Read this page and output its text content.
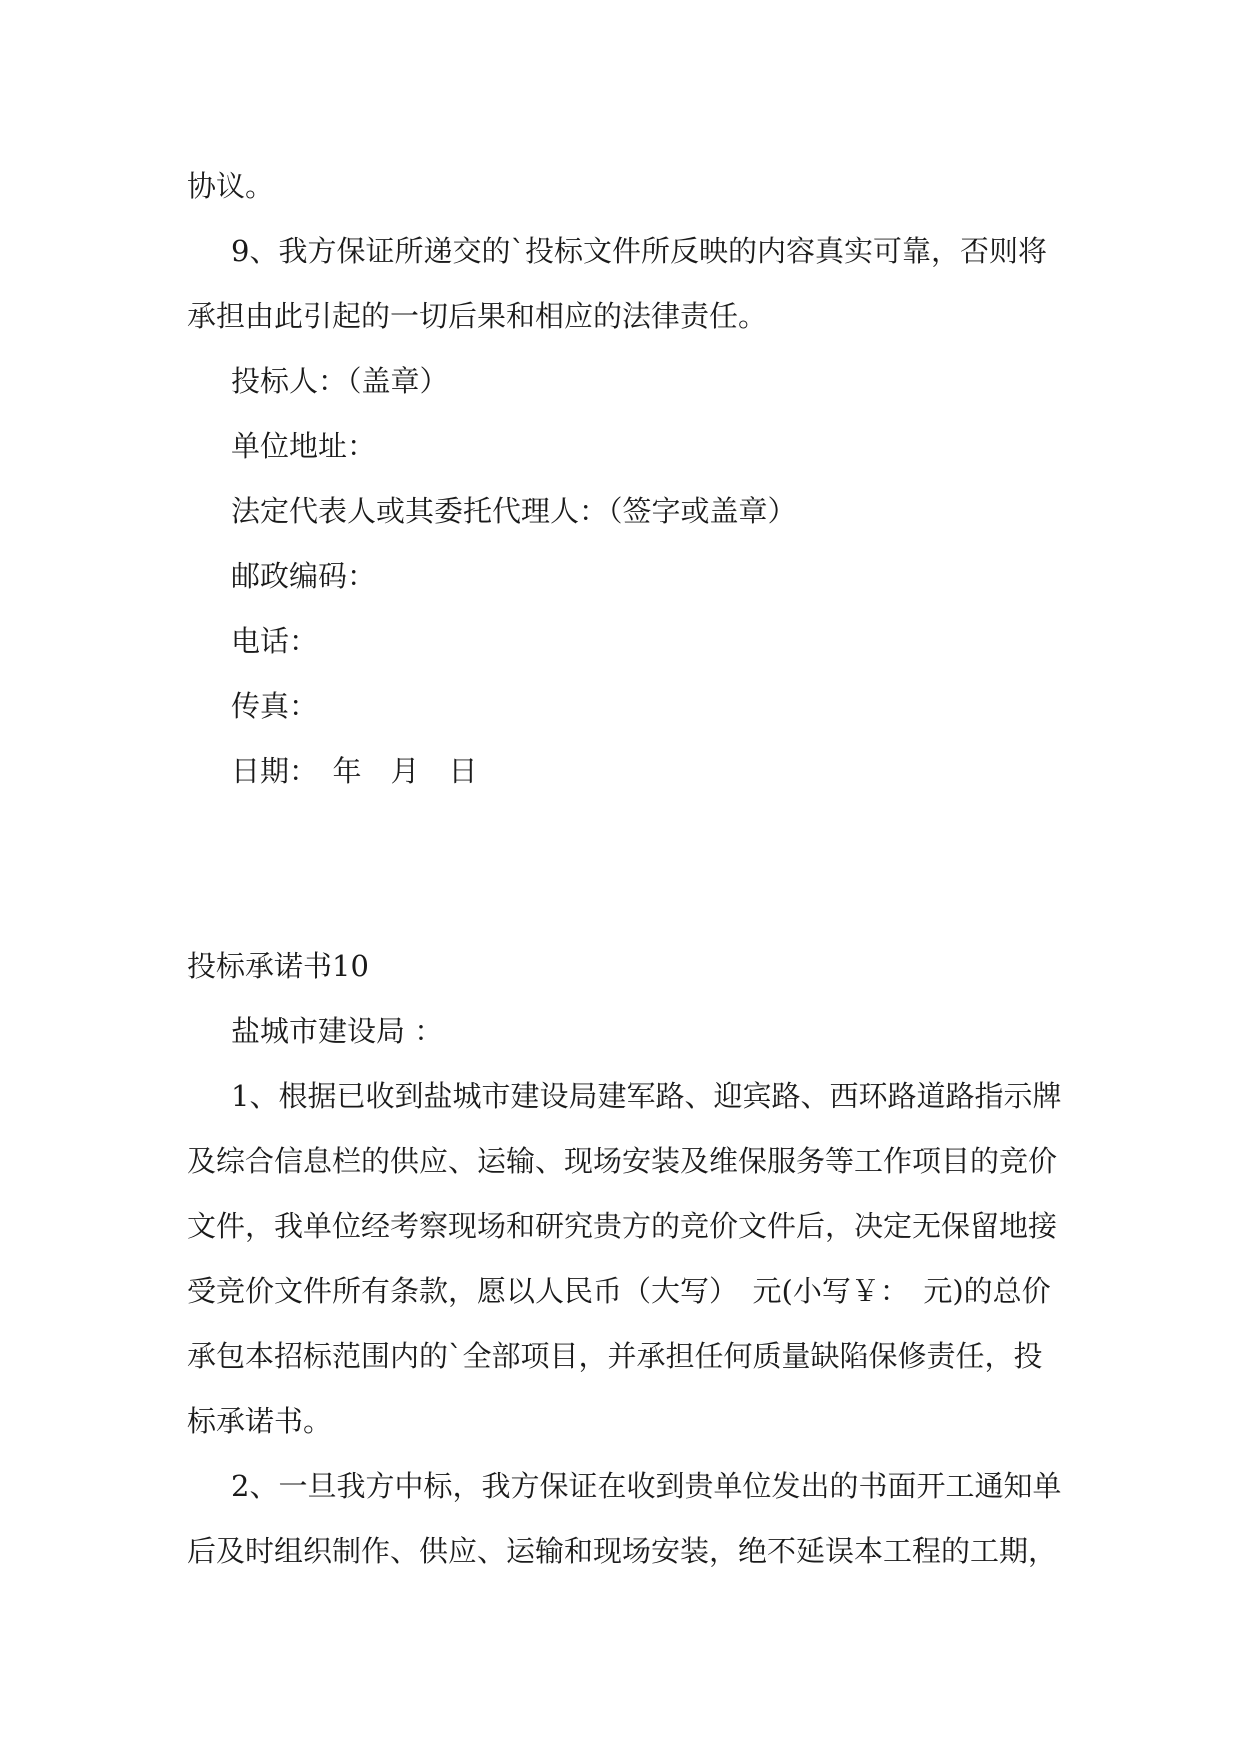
协议。

9、我方保证所递交的`投标文件所反映的内容真实可靠，否则将

承担由此引起的一切后果和相应的法律责任。

投标人：（盖章）

单位地址：

法定代表人或其委托代理人：（签字或盖章）

邮政编码：

电话：

传真：

日期：　年　月　日

投标承诺书10

盐城市建设局 ：

1、根据已收到盐城市建设局建军路、迎宾路、西环路道路指示牌

及综合信息栏的供应、运输、现场安装及维保服务等工作项目的竞价

文件，我单位经考察现场和研究贵方的竞价文件后，决定无保留地接

受竞价文件所有条款，愿以人民币（大写）　元(小写￥：　元)的总价

承包本招标范围内的`全部项目，并承担任何质量缺陷保修责任，投

标承诺书。

2、一旦我方中标，我方保证在收到贵单位发出的书面开工通知单

后及时组织制作、供应、运输和现场安装，绝不延误本工程的工期，
